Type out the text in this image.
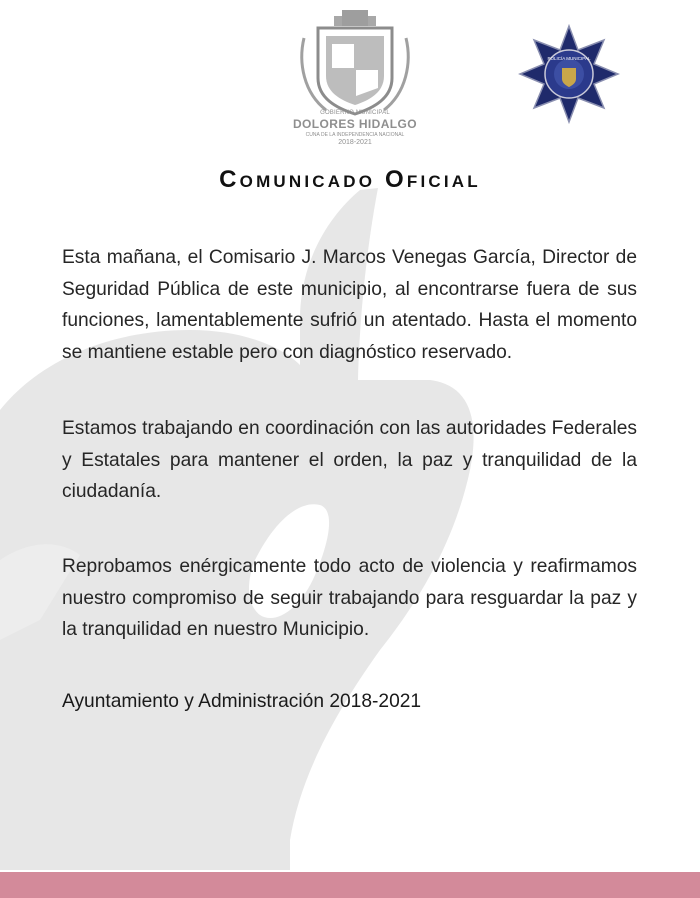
GOBIERNO MUNICIPAL
DOLORES HIDALGO
CUNA DE LA INDEPENDENCIA NACIONAL
2018-2021
POLICÍA MUNICIPAL
Comunicado Oficial
Esta mañana, el Comisario J. Marcos Venegas García, Director de Seguridad Pública de este municipio, al encontrarse fuera de sus funciones, lamentablemente sufrió un atentado. Hasta el momento se mantiene estable pero con diagnóstico reservado.
Estamos trabajando en coordinación con las autoridades Federales y Estatales para mantener el orden, la paz y tranquilidad de la ciudadanía.
Reprobamos enérgicamente todo acto de violencia y reafirmamos nuestro compromiso de seguir trabajando para resguardar la paz y la tranquilidad en nuestro Municipio.
Ayuntamiento y Administración 2018-2021
